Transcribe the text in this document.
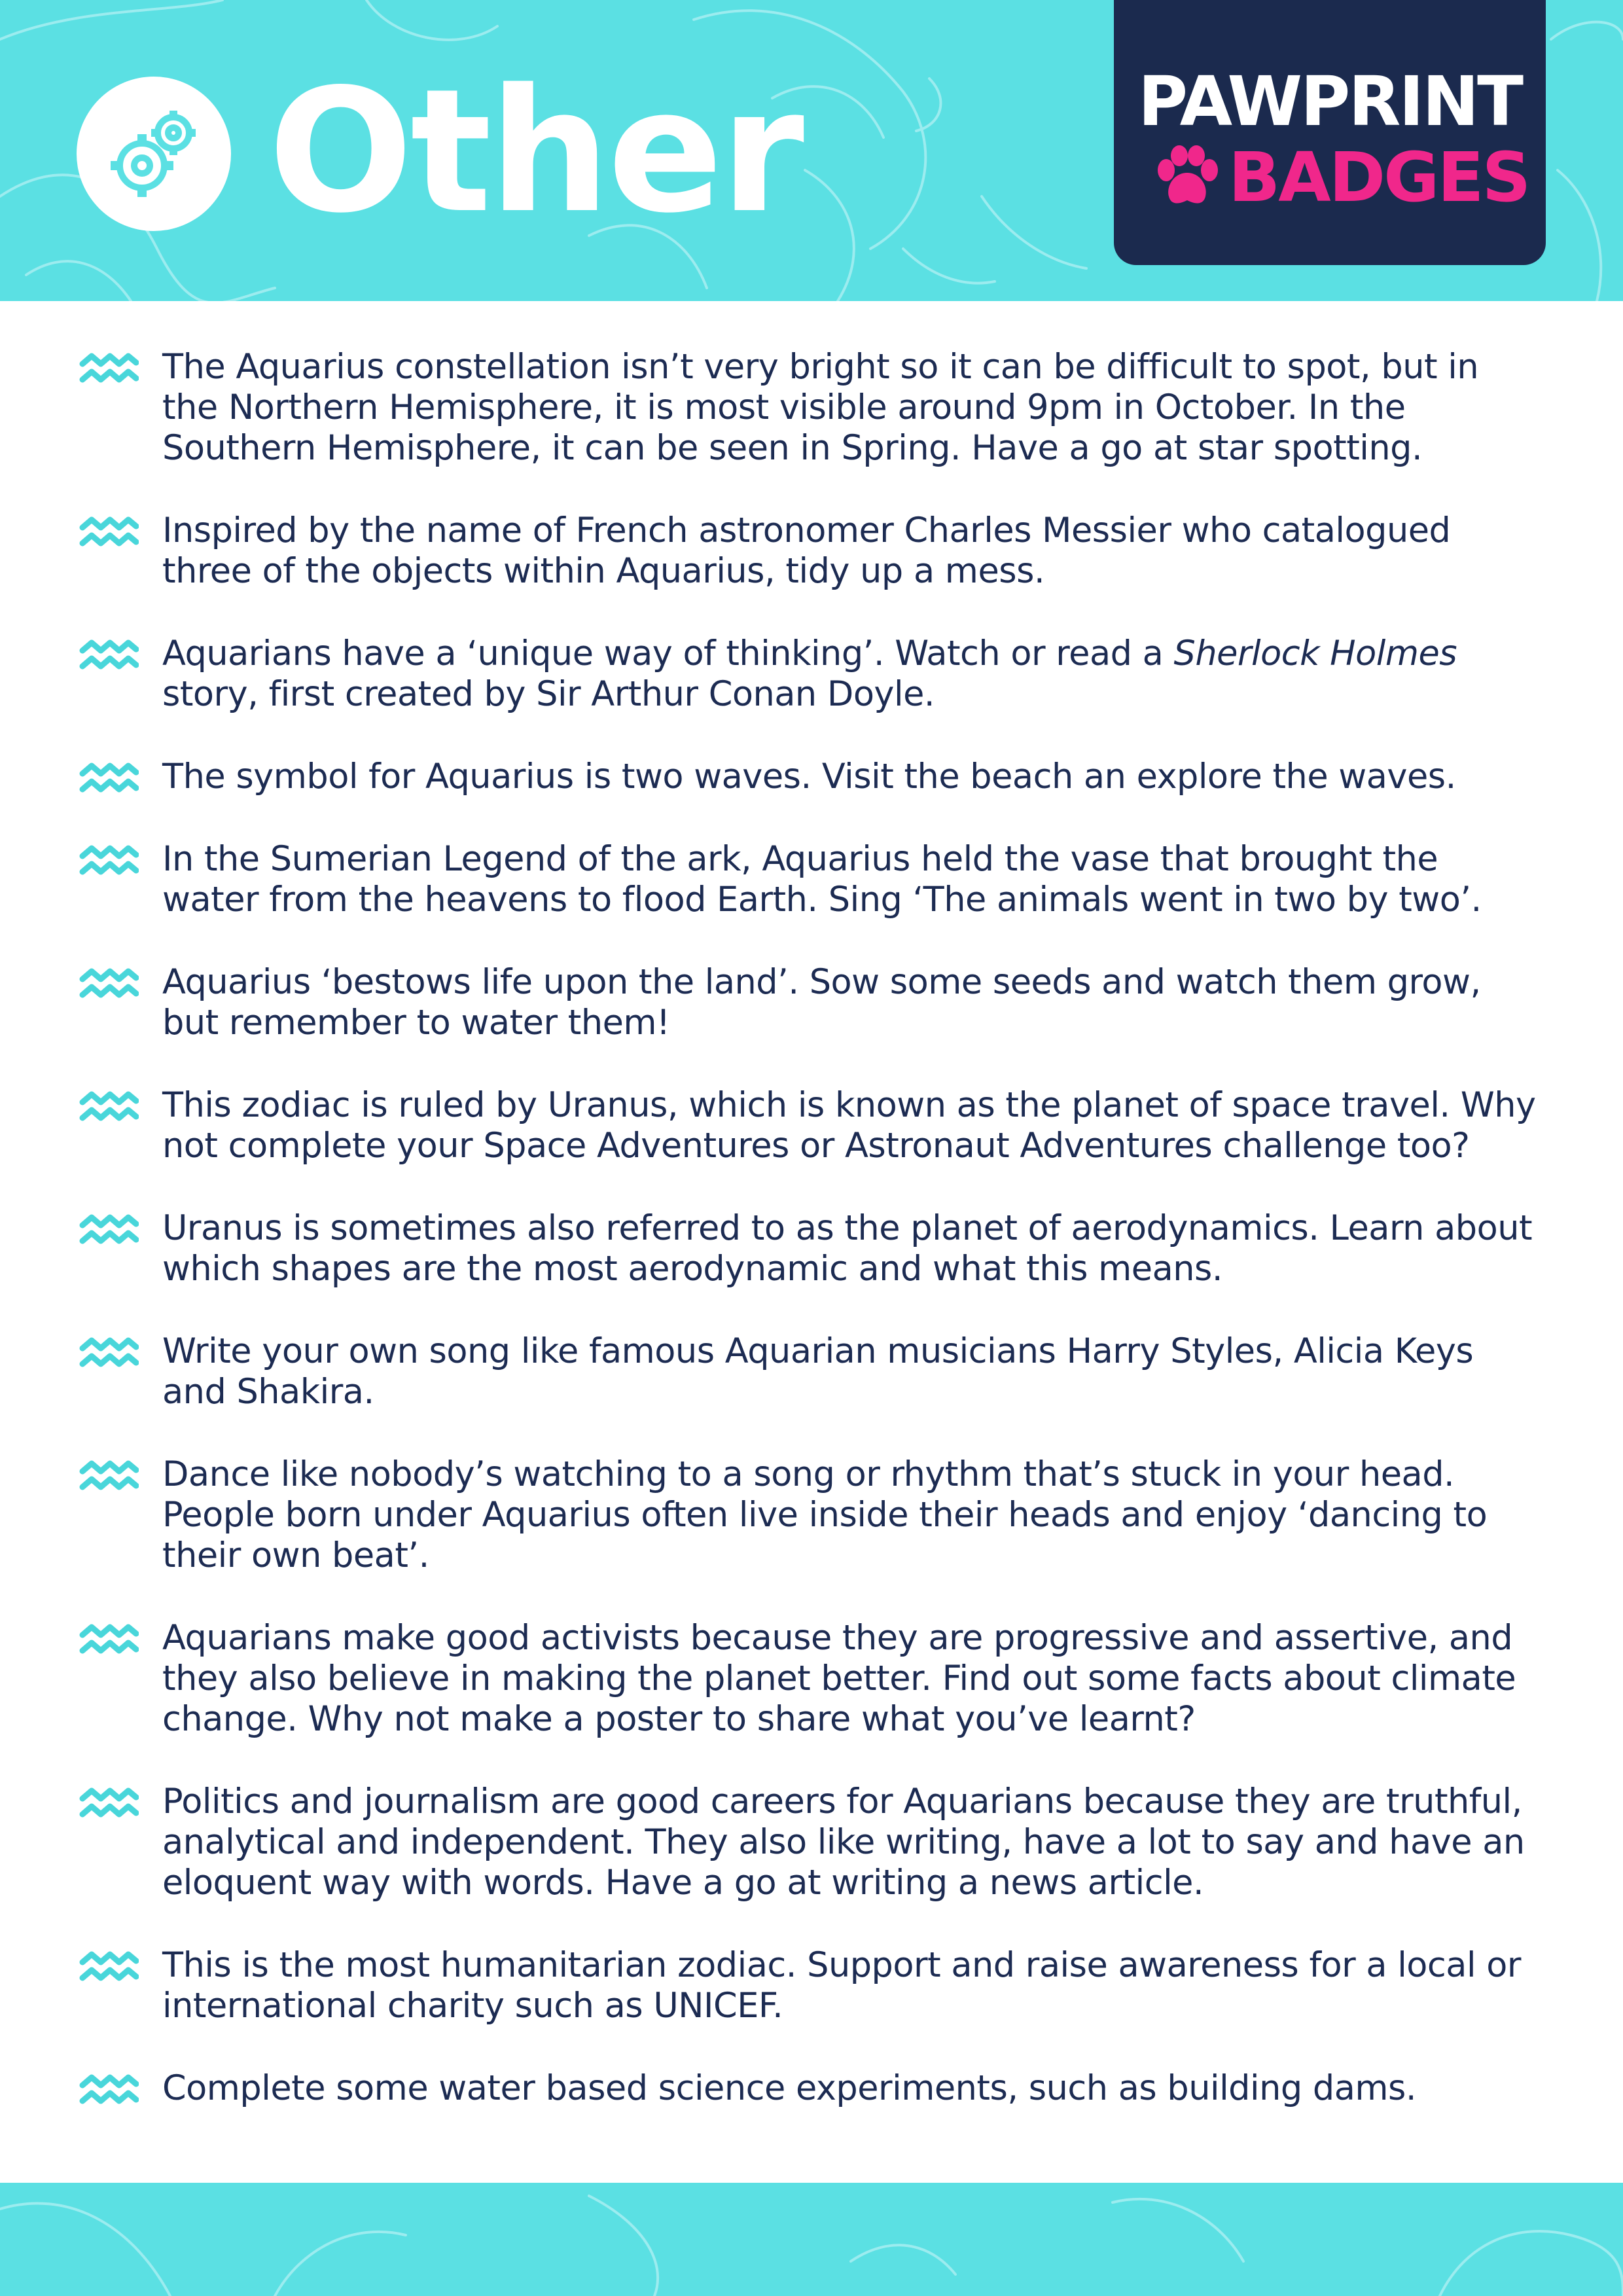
Other	PAWPRINT
BADGES

The Aquarius constellation isn’t very bright so it can be difficult to spot, but in the Northern Hemisphere, it is most visible around 9pm in October. In the Southern Hemisphere, it can be seen in Spring. Have a go at star spotting.

Inspired by the name of French astronomer Charles Messier who catalogued three of the objects within Aquarius, tidy up a mess.

Aquarians have a ‘unique way of thinking’. Watch or read a Sherlock Holmes story, first created by Sir Arthur Conan Doyle.

The symbol for Aquarius is two waves. Visit the beach an explore the waves.

In the Sumerian Legend of the ark, Aquarius held the vase that brought the water from the heavens to flood Earth. Sing ‘The animals went in two by two’.

Aquarius ‘bestows life upon the land’. Sow some seeds and watch them grow, but remember to water them!

This zodiac is ruled by Uranus, which is known as the planet of space travel. Why not complete your Space Adventures or Astronaut Adventures challenge too?

Uranus is sometimes also referred to as the planet of aerodynamics. Learn about which shapes are the most aerodynamic and what this means.

Write your own song like famous Aquarian musicians Harry Styles, Alicia Keys and Shakira.

Dance like nobody’s watching to a song or rhythm that’s stuck in your head. People born under Aquarius often live inside their heads and enjoy ‘dancing to their own beat’.

Aquarians make good activists because they are progressive and assertive, and they also believe in making the planet better. Find out some facts about climate change. Why not make a poster to share what you’ve learnt?

Politics and journalism are good careers for Aquarians because they are truthful, analytical and independent. They also like writing, have a lot to say and have an eloquent way with words. Have a go at writing a news article.

This is the most humanitarian zodiac. Support and raise awareness for a local or international charity such as UNICEF.

Complete some water based science experiments, such as building dams.
